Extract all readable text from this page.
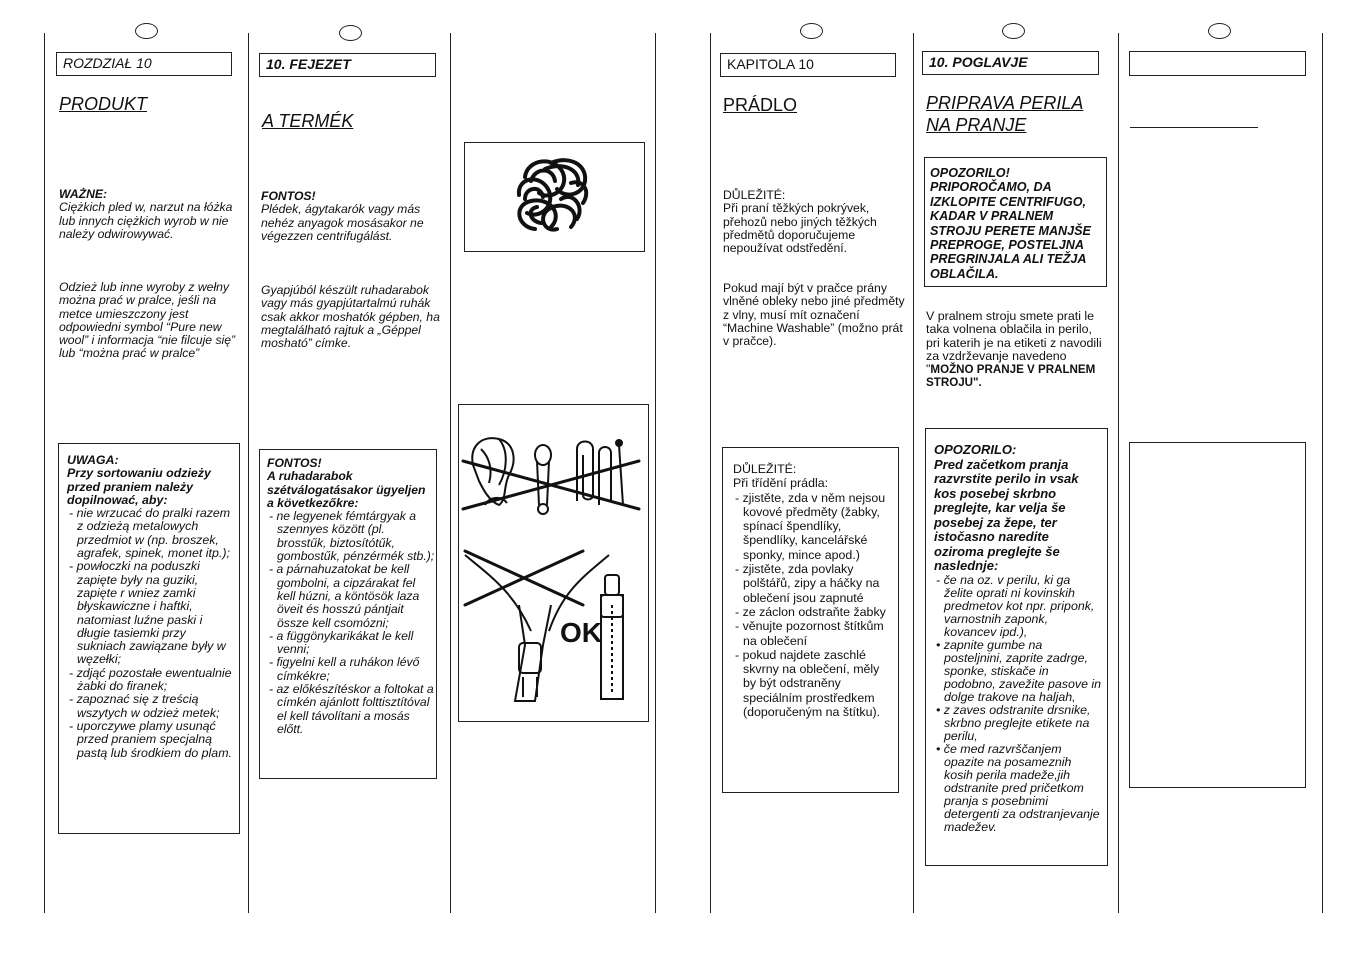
ROZDZIAŁ 10
PRODUKT
WAŻNE:
Ciężkich pled w, narzut na łóżka lub innych ciężkich wyrob w nie należy odwirowywać.
Odzież lub inne wyroby z wełny można prać w pralce, jeśli na metce umieszczony jest odpowiedni symbol “Pure new wool” i informacja “nie filcuje się” lub “można prać w pralce”
UWAGA:
Przy sortowaniu odzieży przed praniem należy dopilnować, aby:
- nie wrzucać do pralki razem z odzieżą metalowych przedmiot w (np. broszek, agrafek, spinek, monet itp.);
- powłoczki na poduszki zapięte były na guziki, zapięte r wniez zamki błyskawiczne i haftki, natomiast luźne paski i długie tasiemki przy sukniach zawiązane były w węzełki;
- zdjąć pozostałe ewentualnie żabki do firanek;
- zapoznać się z treścią wszytych w odzież metek;
- uporczywe plamy usunąć przed praniem specjalną pastą lub środkiem do plam.
10. FEJEZET
A TERMÉK
FONTOS!
Plédek, ágytakarók vagy más nehéz anyagok mosásakor ne végezzen centrifugálást.
Gyapjúból készült ruhadarabok vagy más gyapjútartalmú ruhák csak akkor moshatók gépben, ha megtalálható rajtuk a „Géppel mosható” címke.
FONTOS!
A ruhadarabok szétválogatásakor ügyeljen a következőkre:
- ne legyenek fémtárgyak a szennyes között (pl. brosstűk, biztosítótűk, gombostűk, pénzérmék stb.);
- a párnahuzatokat be kell gombolni, a cipzárakat fel kell húzni, a köntösök laza öveit és hosszú pántjait össze kell csomózni;
- a függönykarikákat le kell venni;
- figyelni kell a ruhákon lévő címkékre;
- az előkészítéskor a foltokat a címkén ajánlott folttisztítóval el kell távolítani a mosás előtt.
OK
KAPITOLA 10
PRÁDLO
DŮLEŽITÉ:
Při praní těžkých pokrývek, přehozů nebo jiných těžkých předmětů doporučujeme nepoužívat odstředění.
Pokud mají být v pračce prány vlněné obleky nebo jiné předměty z vlny, musí mít označení “Machine Washable” (možno prát v pračce).
DŮLEŽITÉ:
Při třídění prádla:
- zjistěte, zda v něm nejsou kovové předměty (žabky, spínací špendlíky, špendlíky, kancelářské sponky, mince apod.)
- zjistěte, zda povlaky polštářů, zipy a háčky na oblečení jsou zapnuté
- ze záclon odstraňte žabky
- věnujte pozornost štítkům na oblečení
- pokud najdete zaschlé skvrny na oblečení, měly by být odstraněny speciálním prostředkem (doporučeným na štítku).
10. POGLAVJE
PRIPRAVA PERILA
NA PRANJE
OPOZORILO! PRIPOROČAMO, DA IZKLOPITE CENTRIFUGO, KADAR V PRALNEM STROJU PERETE MANJŠE PREPROGE, POSTELJNA PREGRINJALA ALI TEŽJA OBLAČILA.
V pralnem stroju smete prati le taka volnena oblačila in perilo, pri katerih je na etiketi z navodili za vzdrževanje navedeno "MOŽNO PRANJE V PRALNEM STROJU".
OPOZORILO:
Pred začetkom pranja razvrstite perilo in vsak kos posebej skrbno preglejte, kar velja še posebej za žepe, ter istočasno naredite oziroma preglejte še naslednje:
- če na oz. v perilu, ki ga želite oprati ni kovinskih predmetov kot npr. priponk, varnostnih zaponk, kovancev ipd.),
• zapnite gumbe na posteljnini, zaprite zadrge, sponke, stiskače in podobno, zavežite pasove in dolge trakove na haljah,
• z zaves odstranite drsnike, skrbno preglejte etikete na perilu,
• če med razvrščanjem opazite na posameznih kosih perila madeže,jih odstranite pred pričetkom pranja s posebnimi detergenti za odstranjevanje madežev.
